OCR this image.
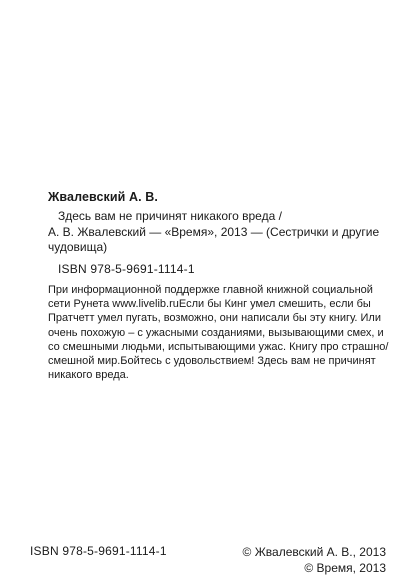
Жвалевский А. В.
Здесь вам не причинят никакого вреда /
А. В. Жвалевский — «Время», 2013 — (Сестрички и другие
чудовища)
ISBN 978-5-9691-1114-1
При информационной поддержке главной книжной социальной
сети Рунета www.livelib.ruЕсли бы Кинг умел смешить, если бы
Пратчетт умел пугать, возможно, они написали бы эту книгу. Или
очень похожую – с ужасными созданиями, вызывающими смех, и
со смешными людьми, испытывающими ужас. Книгу про страшно/
смешной мир.Бойтесь с удовольствием! Здесь вам не причинят
никакого вреда.
ISBN 978-5-9691-1114-1	© Жвалевский А. В., 2013
© Время, 2013
